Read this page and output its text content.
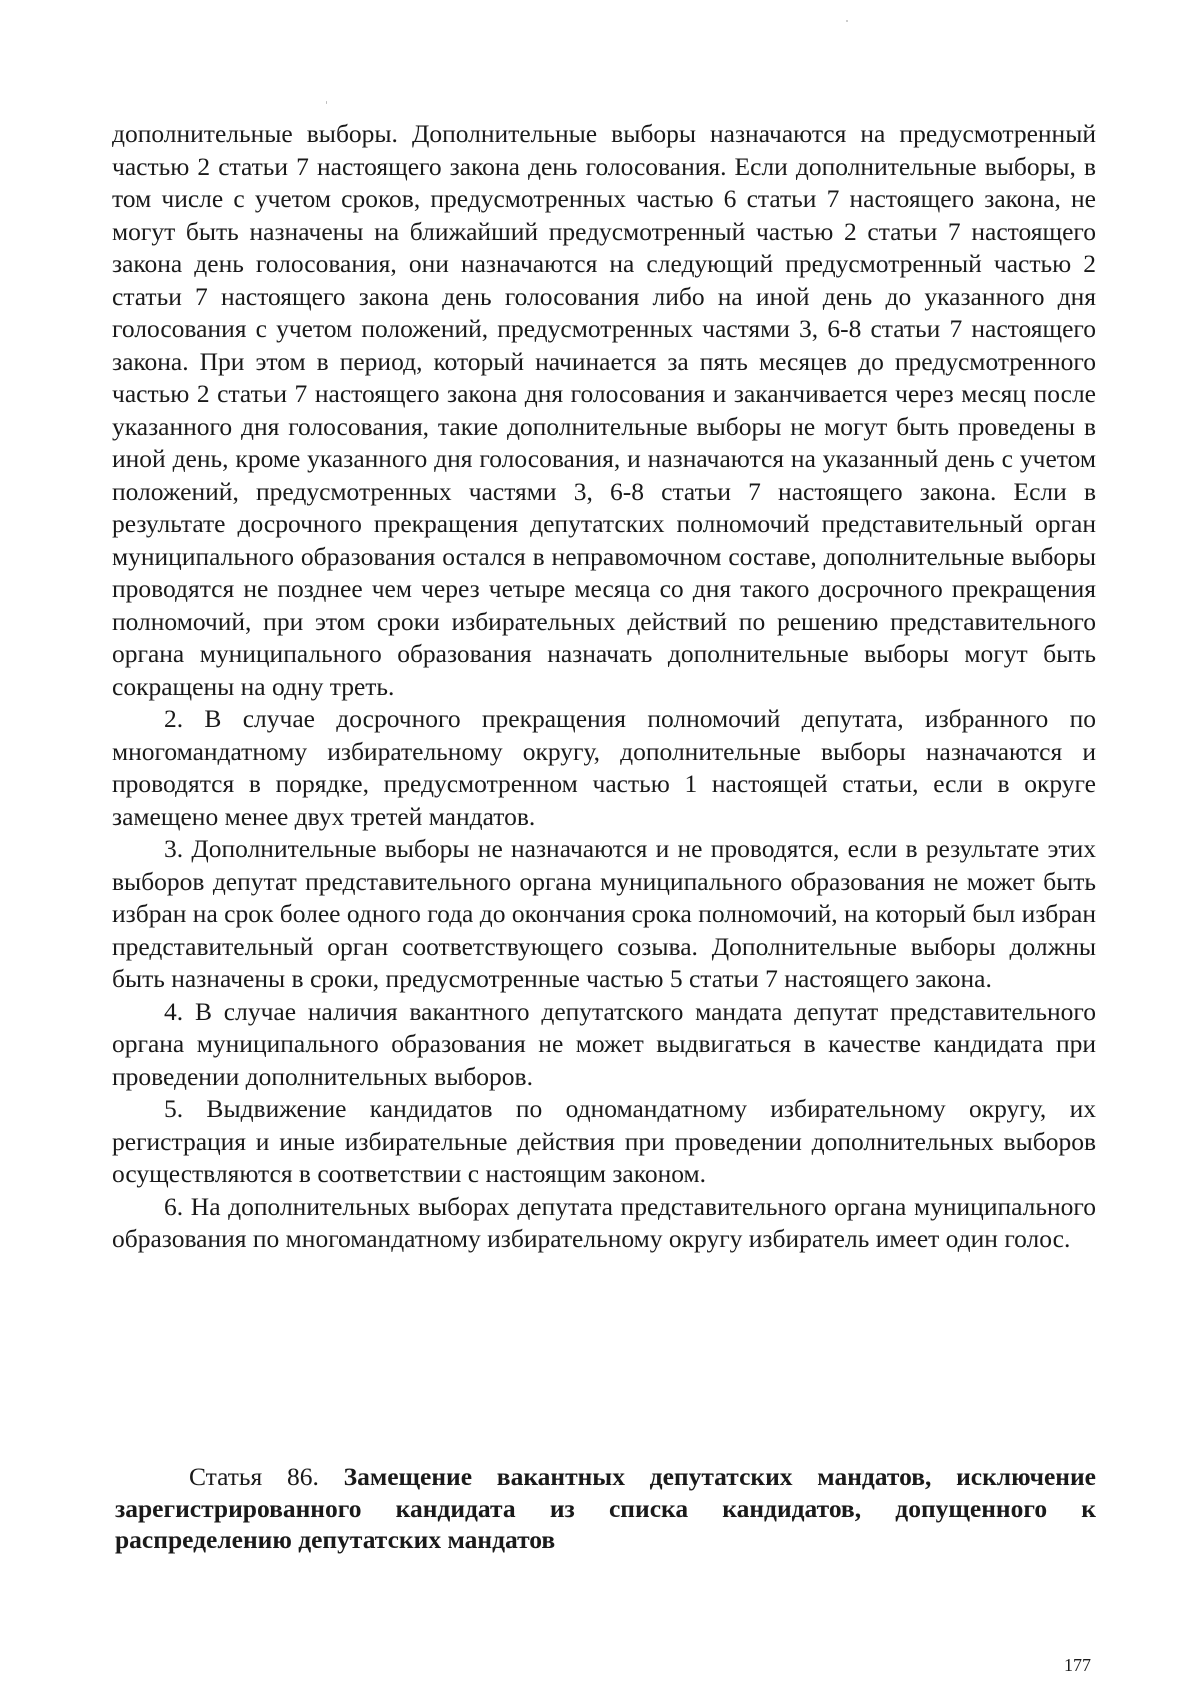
дополнительные выборы. Дополнительные выборы назначаются на предусмотренный частью 2 статьи 7 настоящего закона день голосования. Если дополнительные выборы, в том числе с учетом сроков, предусмотренных частью 6 статьи 7 настоящего закона, не могут быть назначены на ближайший предусмотренный частью 2 статьи 7 настоящего закона день голосования, они назначаются на следующий предусмотренный частью 2 статьи 7 настоящего закона день голосования либо на иной день до указанного дня голосования с учетом положений, предусмотренных частями 3, 6-8 статьи 7 настоящего закона. При этом в период, который начинается за пять месяцев до предусмотренного частью 2 статьи 7 настоящего закона дня голосования и заканчивается через месяц после указанного дня голосования, такие дополнительные выборы не могут быть проведены в иной день, кроме указанного дня голосования, и назначаются на указанный день с учетом положений, предусмотренных частями 3, 6-8 статьи 7 настоящего закона. Если в результате досрочного прекращения депутатских полномочий представительный орган муниципального образования остался в неправомочном составе, дополнительные выборы проводятся не позднее чем через четыре месяца со дня такого досрочного прекращения полномочий, при этом сроки избирательных действий по решению представительного органа муниципального образования назначать дополнительные выборы могут быть сокращены на одну треть.

2. В случае досрочного прекращения полномочий депутата, избранного по многомандатному избирательному округу, дополнительные выборы назначаются и проводятся в порядке, предусмотренном частью 1 настоящей статьи, если в округе замещено менее двух третей мандатов.

3. Дополнительные выборы не назначаются и не проводятся, если в результате этих выборов депутат представительного органа муниципального образования не может быть избран на срок более одного года до окончания срока полномочий, на который был избран представительный орган соответствующего созыва. Дополнительные выборы должны быть назначены в сроки, предусмотренные частью 5 статьи 7 настоящего закона.

4. В случае наличия вакантного депутатского мандата депутат представительного органа муниципального образования не может выдвигаться в качестве кандидата при проведении дополнительных выборов.

5. Выдвижение кандидатов по одномандатному избирательному округу, их регистрация и иные избирательные действия при проведении дополнительных выборов осуществляются в соответствии с настоящим законом.

6. На дополнительных выборах депутата представительного органа муниципального образования по многомандатному избирательному округу избиратель имеет один голос.

Статья 86. Замещение вакантных депутатских мандатов, исключение зарегистрированного кандидата из списка кандидатов, допущенного к распределению депутатских мандатов
177
